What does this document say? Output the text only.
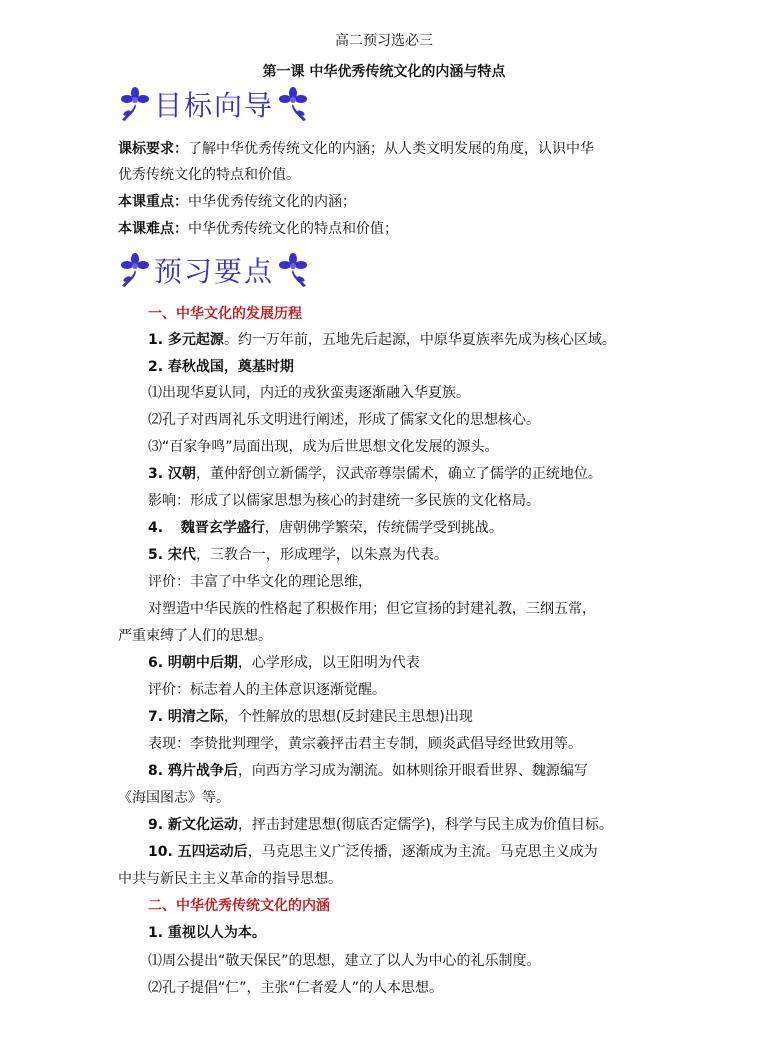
高二预习选必三
第一课 中华优秀传统文化的内涵与特点
目标向导
课标要求：了解中华优秀传统文化的内涵；从人类文明发展的角度，认识中华
优秀传统文化的特点和价值。
本课重点：中华优秀传统文化的内涵；
本课难点：中华优秀传统文化的特点和价值；
预习要点
一、中华文化的发展历程
1. 多元起源。约一万年前，五地先后起源，中原华夏族率先成为核心区域。
2. 春秋战国，奠基时期
⑴出现华夏认同，内迁的戎狄蛮夷逐渐融入华夏族。
⑵孔子对西周礼乐文明进行阐述，形成了儒家文化的思想核心。
⑶“百家争鸣”局面出现，成为后世思想文化发展的源头。
3. 汉朝，董仲舒创立新儒学，汉武帝尊崇儒术，确立了儒学的正统地位。
影响：形成了以儒家思想为核心的封建统一多民族的文化格局。
4. 魏晋玄学盛行，唐朝佛学繁荣，传统儒学受到挑战。
5. 宋代，三教合一，形成理学，以朱熹为代表。
评价：丰富了中华文化的理论思维，
对塑造中华民族的性格起了积极作用；但它宣扬的封建礼教，三纲五常，
严重束缚了人们的思想。
6. 明朝中后期，心学形成，以王阳明为代表
评价：标志着人的主体意识逐渐觉醒。
7. 明清之际，个性解放的思想(反封建民主思想)出现
表现：李贽批判理学，黄宗羲抨击君主专制，顾炎武倡导经世致用等。
8. 鸦片战争后，向西方学习成为潮流。如林则徐开眼看世界、魏源编写
《海国图志》等。
9. 新文化运动，抨击封建思想(彻底否定儒学)，科学与民主成为价值目标。
10. 五四运动后，马克思主义广泛传播，逐渐成为主流。马克思主义成为
中共与新民主主义革命的指导思想。
二、中华优秀传统文化的内涵
1. 重视以人为本。
⑴周公提出“敬天保民”的思想，建立了以人为中心的礼乐制度。
⑵孔子提倡“仁”，主张“仁者爱人”的人本思想。
